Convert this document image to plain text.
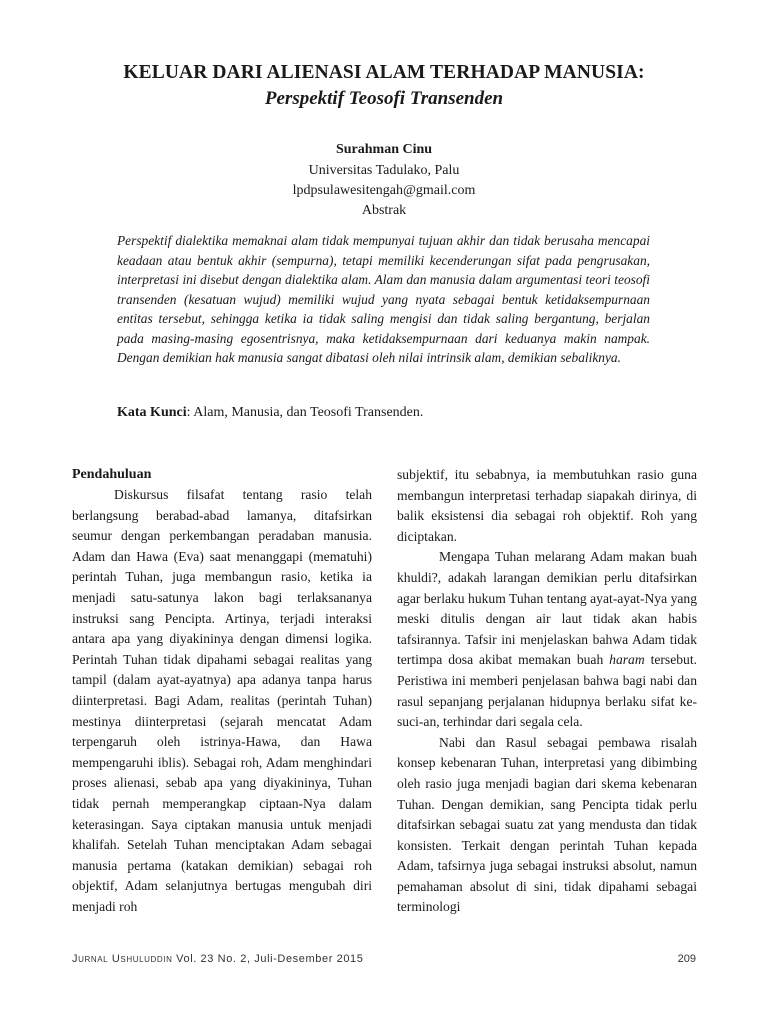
KELUAR DARI ALIENASI ALAM TERHADAP MANUSIA:
Perspektif Teosofi Transenden
Surahman Cinu
Universitas Tadulako, Palu
lpdpsulawesitengah@gmail.com
Abstrak

Perspektif dialektika memaknai alam tidak mempunyai tujuan akhir dan tidak berusaha mencapai keadaan atau bentuk akhir (sempurna), tetapi memiliki kecenderungan sifat pada pengrusakan, interpretasi ini disebut dengan dialektika alam. Alam dan manusia dalam argumentasi teori teosofi transenden (kesatuan wujud) memiliki wujud yang nyata sebagai bentuk ketidaksempurnaan entitas tersebut, sehingga ketika ia tidak saling mengisi dan tidak saling bergantung, berjalan pada masing-masing egosentrisnya, maka ketidaksempurnaan dari keduanya makin nampak. Dengan demikian hak manusia sangat dibatasi oleh nilai intrinsik alam, demikian sebaliknya.

Kata Kunci: Alam, Manusia, dan Teosofi Transenden.

Pendahuluan

Diskursus filsafat tentang rasio telah berlangsung berabad-abad lamanya, ditafsirkan seumur dengan perkembangan peradaban manusia. Adam dan Hawa (Eva) saat menanggapi (mematuhi) perintah Tuhan, juga membangun rasio, ketika ia menjadi satu-satunya lakon bagi terlaksananya instruksi sang Pencipta. Artinya, terjadi interaksi antara apa yang diyakininya dengan dimensi logika. Perintah Tuhan tidak dipahami sebagai realitas yang tampil (dalam ayat-ayatnya) apa adanya tanpa harus diinterpretasi. Bagi Adam, realitas (perintah Tuhan) mestinya diinterpretasi (sejarah mencatat Adam terpengaruh oleh istrinya-Hawa, dan Hawa mempengaruhi iblis). Sebagai roh, Adam menghindari proses alienasi, sebab apa yang diyakininya, Tuhan tidak pernah memperangkap ciptaan-Nya dalam keterasingan. Saya ciptakan manusia untuk menjadi khalifah. Setelah Tuhan menciptakan Adam sebagai manusia pertama (katakan demikian) sebagai roh objektif, Adam selanjutnya bertugas mengubah diri menjadi roh

subjektif, itu sebabnya, ia membutuhkan rasio guna membangun interpretasi terhadap siapakah dirinya, di balik eksistensi dia sebagai roh objektif. Roh yang diciptakan.

Mengapa Tuhan melarang Adam makan buah khuldi?, adakah larangan demikian perlu ditafsirkan agar berlaku hukum Tuhan tentang ayat-ayat-Nya yang meski ditulis dengan air laut tidak akan habis tafsirannya. Tafsir ini menjelaskan bahwa Adam tidak tertimpa dosa akibat memakan buah haram tersebut. Peristiwa ini memberi penjelasan bahwa bagi nabi dan rasul sepanjang perjalanan hidupnya berlaku sifat ke-suci-an, terhindar dari segala cela.

Nabi dan Rasul sebagai pembawa risalah konsep kebenaran Tuhan, interpretasi yang dibimbing oleh rasio juga menjadi bagian dari skema kebenaran Tuhan. Dengan demikian, sang Pencipta tidak perlu ditafsirkan sebagai suatu zat yang mendusta dan tidak konsisten. Terkait dengan perintah Tuhan kepada Adam, tafsirnya juga sebagai instruksi absolut, namun pemahaman absolut di sini, tidak dipahami sebagai terminologi

Jurnal Ushuluddin Vol. 23 No. 2, Juli-Desember 2015	209
